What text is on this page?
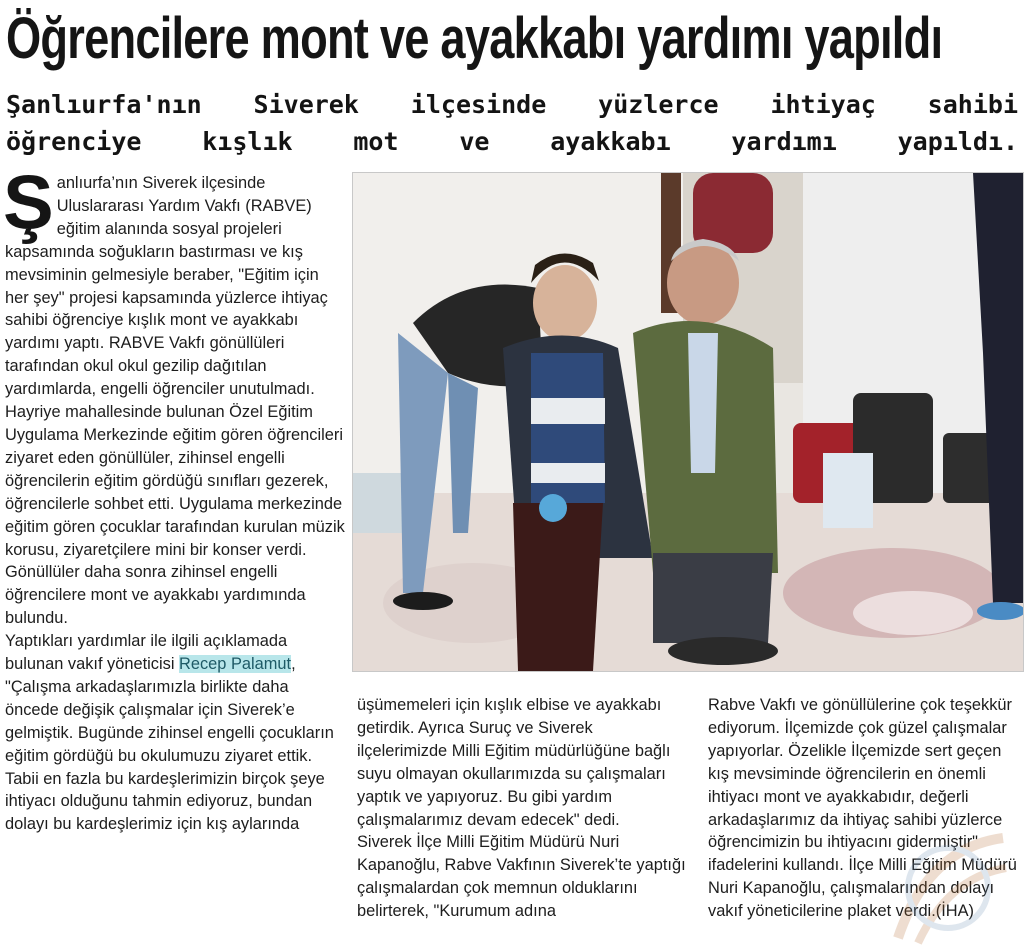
Öğrencilere mont ve ayakkabı yardımı yapıldı
Şanlıurfa'nın Siverek ilçesinde yüzlerce ihtiyaç sahibi
öğrenciye kışlık mot ve ayakkabı yardımı yapıldı.

Şanlıurfa’nın Siverek ilçesinde Uluslararası Yardım Vakfı (RABVE) eğitim alanında sosyal projeleri kapsamında soğukların bastırması ve kış mevsiminin gelmesiyle beraber, "Eğitim için her şey" projesi kapsamında yüzlerce ihtiyaç sahibi öğrenciye kışlık mont ve ayakkabı yardımı yaptı. RABVE Vakfı gönüllüleri tarafından okul okul gezilip dağıtılan yardımlarda, engelli öğrenciler unutulmadı. Hayriye mahallesinde bulunan Özel Eğitim Uygulama Merkezinde eğitim gören öğrencileri ziyaret eden gönüllüler, zihinsel engelli öğrencilerin eğitim gördüğü sınıfları gezerek, öğrencilerle sohbet etti. Uygulama merkezinde eğitim gören çocuklar tarafından kurulan müzik korusu, ziyaretçilere mini bir konser verdi. Gönüllüler daha sonra zihinsel engelli öğrencilere mont ve ayakkabı yardımında bulundu.

Yaptıkları yardımlar ile ilgili açıklamada bulunan vakıf yöneticisi Recep Palamut, "Çalışma arkadaşlarımızla birlikte daha öncede değişik çalışmalar için Siverek’e gelmiştik. Bugünde zihinsel engelli çocukların eğitim gördüğü bu okulumuzu ziyaret ettik. Tabii en fazla bu kardeşlerimizin birçok şeye ihtiyacı olduğunu tahmin ediyoruz, bundan dolayı bu kardeşlerimiz için kış aylarında

üşümemeleri için kışlık elbise ve ayakkabı getirdik. Ayrıca Suruç ve Siverek ilçelerimizde Milli Eğitim müdürlüğüne bağlı suyu olmayan okullarımızda su çalışmaları yaptık ve yapıyoruz. Bu gibi yardım çalışmalarımız devam edecek" dedi.

Siverek İlçe Milli Eğitim Müdürü Nuri Kapanoğlu, Rabve Vakfının Siverek’te yaptığı çalışmalardan çok memnun olduklarını belirterek, "Kurumum adına

Rabve Vakfı ve gönüllülerine çok teşekkür ediyorum. İlçemizde çok güzel çalışmalar yapıyorlar. Özelikle İlçemizde sert geçen kış mevsiminde öğrencilerin en önemli ihtiyacı mont ve ayakkabıdır, değerli arkadaşlarımız da ihtiyaç sahibi yüzlerce öğrencimizin bu ihtiyacını gidermiştir" ifadelerini kullandı. İlçe Milli Eğitim Müdürü Nuri Kapanoğlu, çalışmalarından dolayı vakıf yöneticilerine plaket verdi.(İHA)
